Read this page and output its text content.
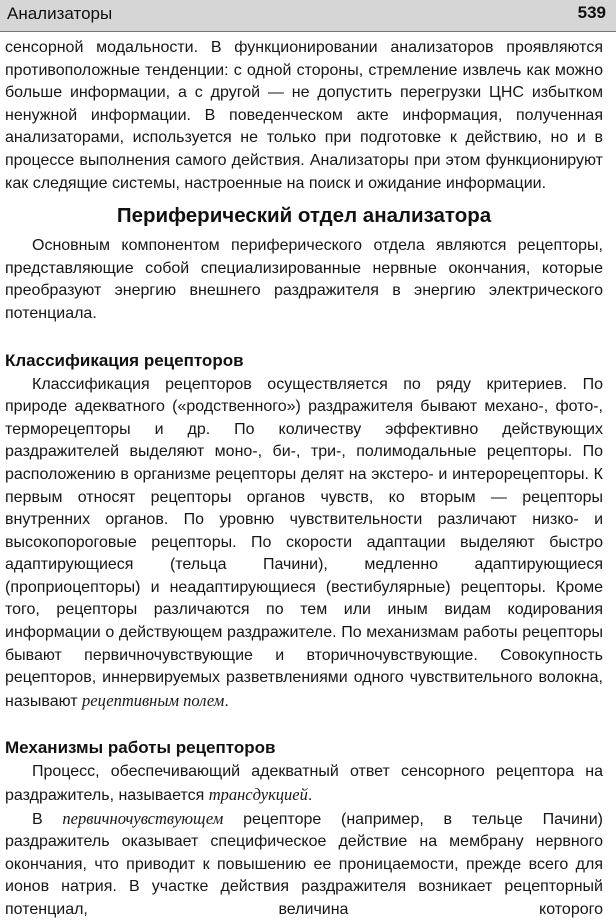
Анализаторы	539

сенсорной модальности. В функционировании анализаторов проявляются противоположные тенденции: с одной стороны, стремление извлечь как можно больше информации, а с другой — не допустить перегрузки ЦНС избытком ненужной информации. В поведенческом акте информация, полученная анализаторами, используется не только при подготовке к действию, но и в процессе выполнения самого действия. Анализаторы при этом функционируют как следящие системы, настроенные на поиск и ожидание информации.

Периферический отдел анализатора

Основным компонентом периферического отдела являются рецепторы, представляющие собой специализированные нервные окончания, которые преобразуют энергию внешнего раздражителя в энергию электрического потенциала.

Классификация рецепторов

Классификация рецепторов осуществляется по ряду критериев. По природе адекватного («родственного») раздражителя бывают механо-, фото-, терморецепторы и др. По количеству эффективно действующих раздражителей выделяют моно-, би-, три-, полимодальные рецепторы. По расположению в организме рецепторы делят на экстеро- и интерорецепторы. К первым относят рецепторы органов чувств, ко вторым — рецепторы внутренних органов. По уровню чувствительности различают низко- и высокопороговые рецепторы. По скорости адаптации выделяют быстро адаптирующиеся (тельца Пачини), медленно адаптирующиеся (проприоцепторы) и неадаптирующиеся (вестибулярные) рецепторы. Кроме того, рецепторы различаются по тем или иным видам кодирования информации о действующем раздражителе. По механизмам работы рецепторы бывают первичночувствующие и вторичночувствующие. Совокупность рецепторов, иннервируемых разветвлениями одного чувствительного волокна, называют рецептивным полем.

Механизмы работы рецепторов

Процесс, обеспечивающий адекватный ответ сенсорного рецептора на раздражитель, называется трансдукцией.

В первичночувствующем рецепторе (например, в тельце Пачини) раздражитель оказывает специфическое действие на мембрану нервного окончания, что приводит к повышению ее проницаемости, прежде всего для ионов натрия. В участке действия раздражителя возникает рецепторный потенциал, величина которого
